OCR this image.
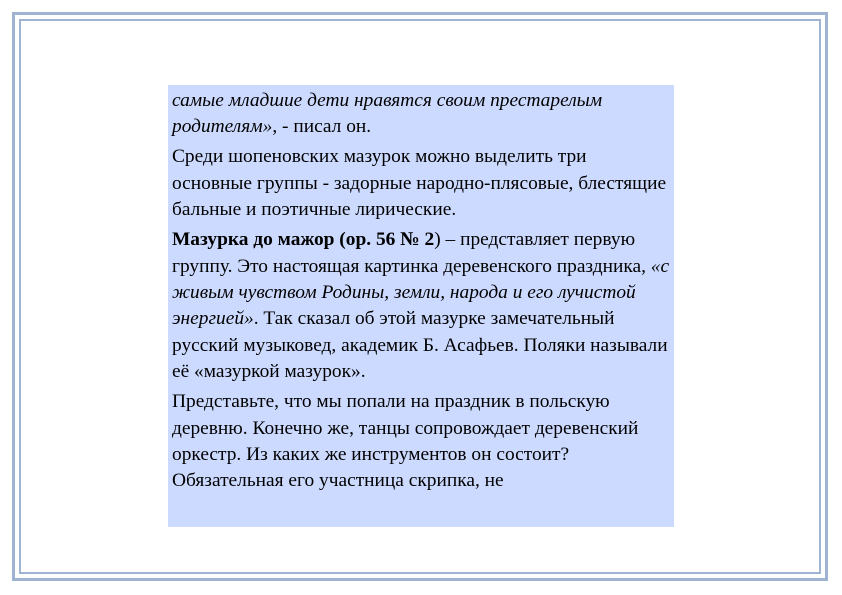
самые младшие дети нравятся своим престарелым родителям», - писал он.

Среди шопеновских мазурок можно выделить три основные группы - задорные народно-плясовые, блестящие бальные и поэтичные лирические.

Мазурка до мажор (ор. 56 № 2) – представляет первую группу. Это настоящая картинка деревенского праздника, «с живым чувством Родины, земли, народа и его лучистой энергией». Так сказал об этой мазурке замечательный русский музыковед, академик Б. Асафьев. Поляки называли её «мазуркой мазурок».

Представьте, что мы попали на праздник в польскую деревню. Конечно же, танцы сопровождает деревенский оркестр. Из каких же инструментов он состоит? Обязательная его участница скрипка, не
